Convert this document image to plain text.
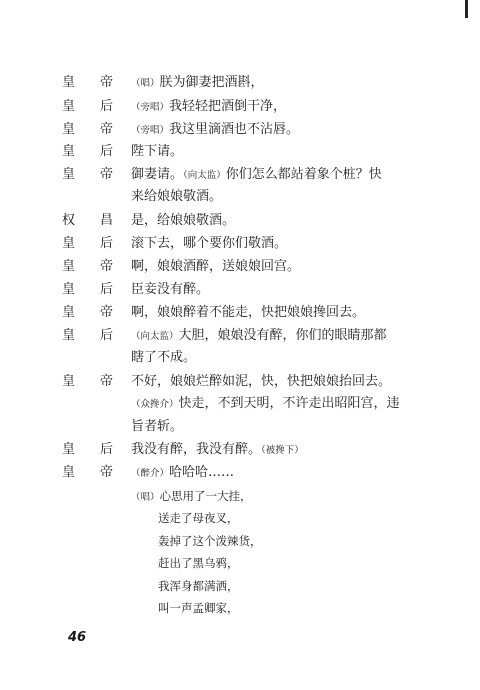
皇 帝 （唱）朕为御妻把酒斟，
皇 后 （旁唱）我轻轻把酒倒干净，
皇 帝 （旁唱）我这里滴酒也不沾唇。
皇 后 陛下请。
皇 帝 御妻请。（向太监）你们怎么都站着象个桩？快
来给娘娘敬酒。
权 昌 是，给娘娘敬酒。
皇 后 滚下去，哪个要你们敬酒。
皇 帝 啊，娘娘酒醉，送娘娘回宫。
皇 后 臣妾没有醉。
皇 帝 啊，娘娘醉着不能走，快把娘娘搀回去。
皇 后 （向太监）大胆，娘娘没有醉，你们的眼睛那都
瞎了不成。
皇 帝 不好，娘娘烂醉如泥，快，快把娘娘抬回去。
（众搀介）快走，不到天明，不许走出昭阳宫，违
旨者斩。
皇 后 我没有醉，我没有醉。（被搀下）
皇 帝 （醉介）哈哈哈……
（唱）心思用了一大挂，
送走了母夜叉，
轰掉了这个泼辣货，
赶出了黑乌鸦，
我浑身都满洒，
叫一声孟卿家，
46
